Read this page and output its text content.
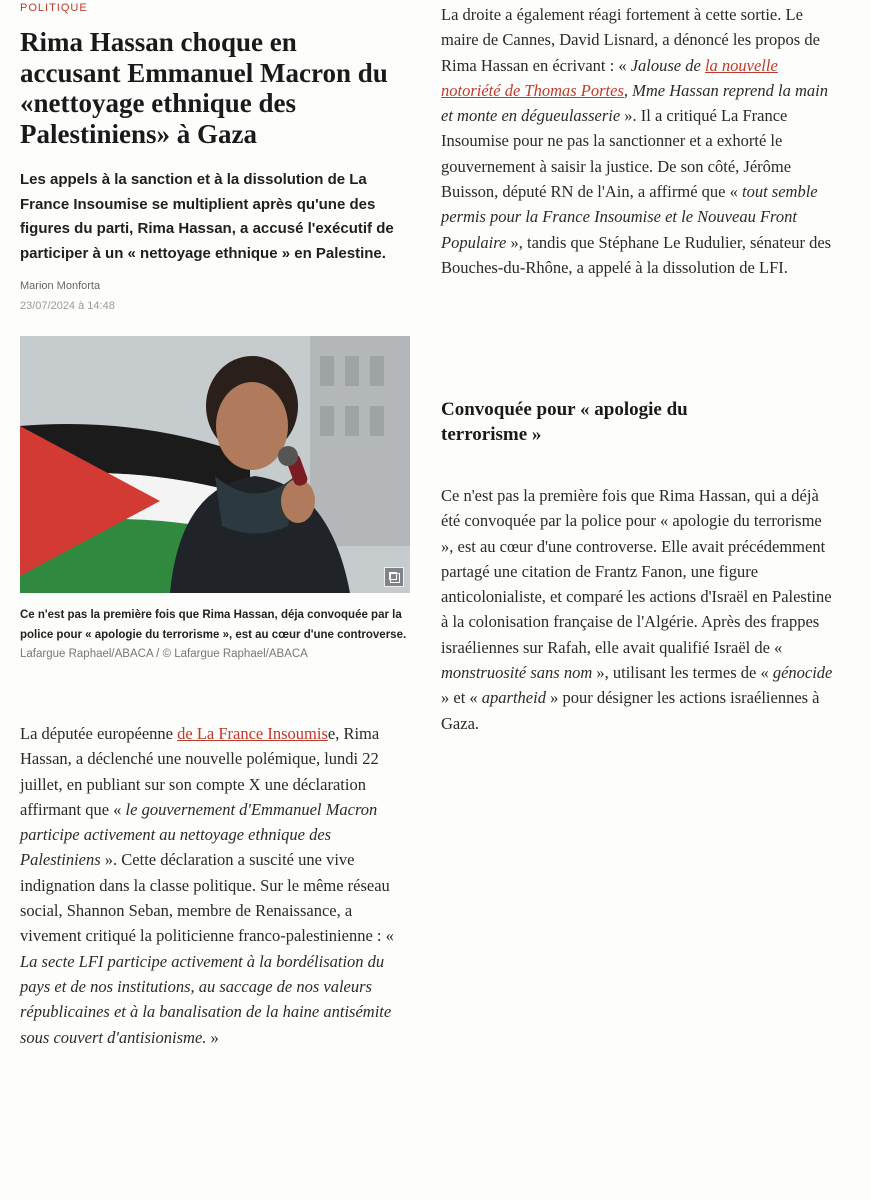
POLITIQUE
Rima Hassan choque en accusant Emmanuel Macron du «nettoyage ethnique des Palestiniens» à Gaza

Les appels à la sanction et à la dissolution de La France Insoumise se multiplient après qu'une des figures du parti, Rima Hassan, a accusé l'exécutif de participer à un « nettoyage ethnique » en Palestine.

Marion Monforta
23/07/2024 à 14:48

Ce n'est pas la première fois que Rima Hassan, déja convoquée par la police pour « apologie du terrorisme », est au cœur d'une controverse. Lafargue Raphael/ABACA / © Lafargue Raphael/ABACA

La députée européenne de La France Insoumise, Rima Hassan, a déclenché une nouvelle polémique, lundi 22 juillet, en publiant sur son compte X une déclaration affirmant que « le gouvernement d'Emmanuel Macron participe activement au nettoyage ethnique des Palestiniens ». Cette déclaration a suscité une vive indignation dans la classe politique. Sur le même réseau social, Shannon Seban, membre de Renaissance, a vivement critiqué la politicienne franco-palestinienne : « La secte LFI participe activement à la bordélisation du pays et de nos institutions, au saccage de nos valeurs républicaines et à la banalisation de la haine antisémite sous couvert d'antisionisme. »

La droite a également réagi fortement à cette sortie. Le maire de Cannes, David Lisnard, a dénoncé les propos de Rima Hassan en écrivant : « Jalouse de la nouvelle notoriété de Thomas Portes, Mme Hassan reprend la main et monte en dégueulasserie ». Il a critiqué La France Insoumise pour ne pas la sanctionner et a exhorté le gouvernement à saisir la justice. De son côté, Jérôme Buisson, député RN de l'Ain, a affirmé que « tout semble permis pour la France Insoumise et le Nouveau Front Populaire », tandis que Stéphane Le Rudulier, sénateur des Bouches-du-Rhône, a appelé à la dissolution de LFI.

Convoquée pour « apologie du terrorisme »

Ce n'est pas la première fois que Rima Hassan, qui a déjà été convoquée par la police pour « apologie du terrorisme », est au cœur d'une controverse. Elle avait précédemment partagé une citation de Frantz Fanon, une figure anticolonialiste, et comparé les actions d'Israël en Palestine à la colonisation française de l'Algérie. Après des frappes israéliennes sur Rafah, elle avait qualifié Israël de « monstruosité sans nom », utilisant les termes de « génocide » et « apartheid » pour désigner les actions israéliennes à Gaza.
